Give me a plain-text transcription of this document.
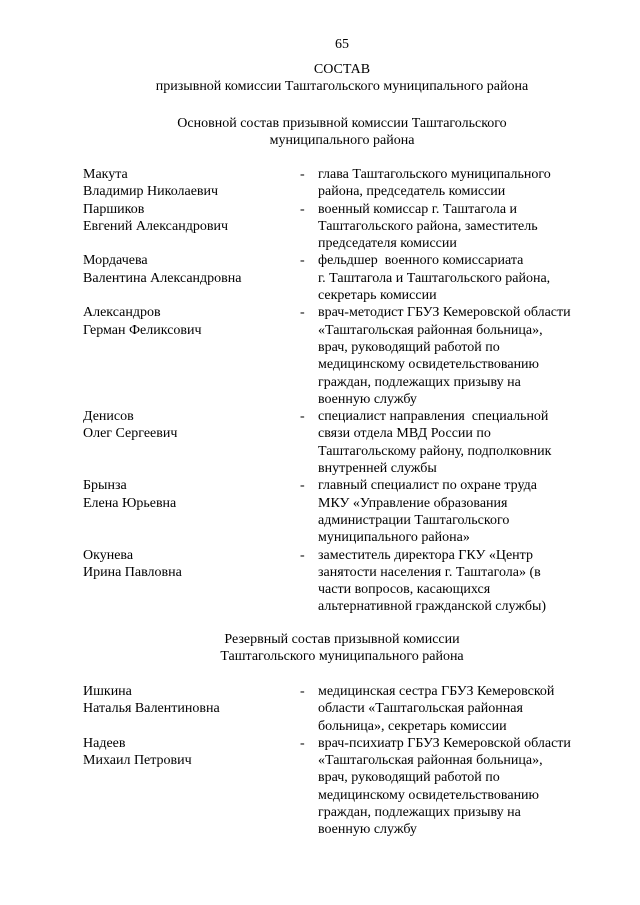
65
СОСТАВ
призывной комиссии Таштагольского муниципального района
Основной состав призывной комиссии Таштагольского
муниципального района
Макута
Владимир Николаевич
- глава Таштагольского муниципального
района, председатель комиссии
Паршиков
Евгений Александрович
- военный комиссар г. Таштагола и
Таштагольского района, заместитель
председателя комиссии
Мордачева
Валентина Александровна
- фельдшер  военного комиссариата
г. Таштагола и Таштагольского района,
секретарь комиссии
Александров
Герман Феликсович
- врач-методист ГБУЗ Кемеровской области
«Таштагольская районная больница»,
врач, руководящий работой по
медицинскому освидетельствованию
граждан, подлежащих призыву на
военную службу
Денисов
Олег Сергеевич
- специалист направления  специальной
связи отдела МВД России по
Таштагольскому району, подполковник
внутренней службы
Брынза
Елена Юрьевна
- главный специалист по охране труда
МКУ «Управление образования
администрации Таштагольского
муниципального района»
Окунева
Ирина Павловна
- заместитель директора ГКУ «Центр
занятости населения г. Таштагола» (в
части вопросов, касающихся
альтернативной гражданской службы)
Резервный состав призывной комиссии
Таштагольского муниципального района
Ишкина
Наталья Валентиновна
- медицинская сестра ГБУЗ Кемеровской
области «Таштагольская районная
больница», секретарь комиссии
Надеев
Михаил Петрович
- врач-психиатр ГБУЗ Кемеровской области
«Таштагольская районная больница»,
врач, руководящий работой по
медицинскому освидетельствованию
граждан, подлежащих призыву на
военную службу
